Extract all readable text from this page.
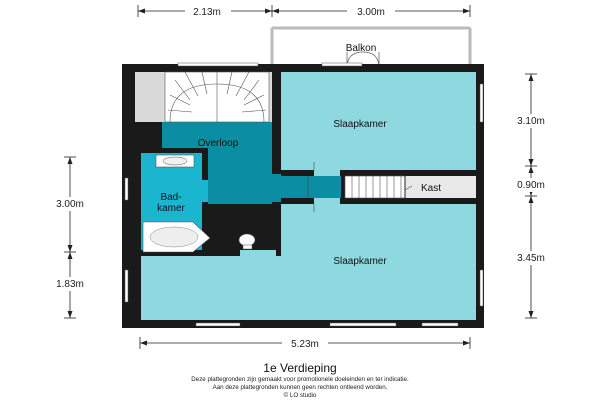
2.13m	3.00m
3.10m
0.90m
3.45m
3.00m
1.83m
5.23m
Balkon
Slaapkamer
Overloop
Kast
Bad-
kamer
Slaapkamer
1e Verdieping
Deze plattegronden zijn gemaakt voor promotionele doeleinden en ter indicatie.
Aan deze plattegronden kunnen geen rechten ontleend worden.
© LO studio
